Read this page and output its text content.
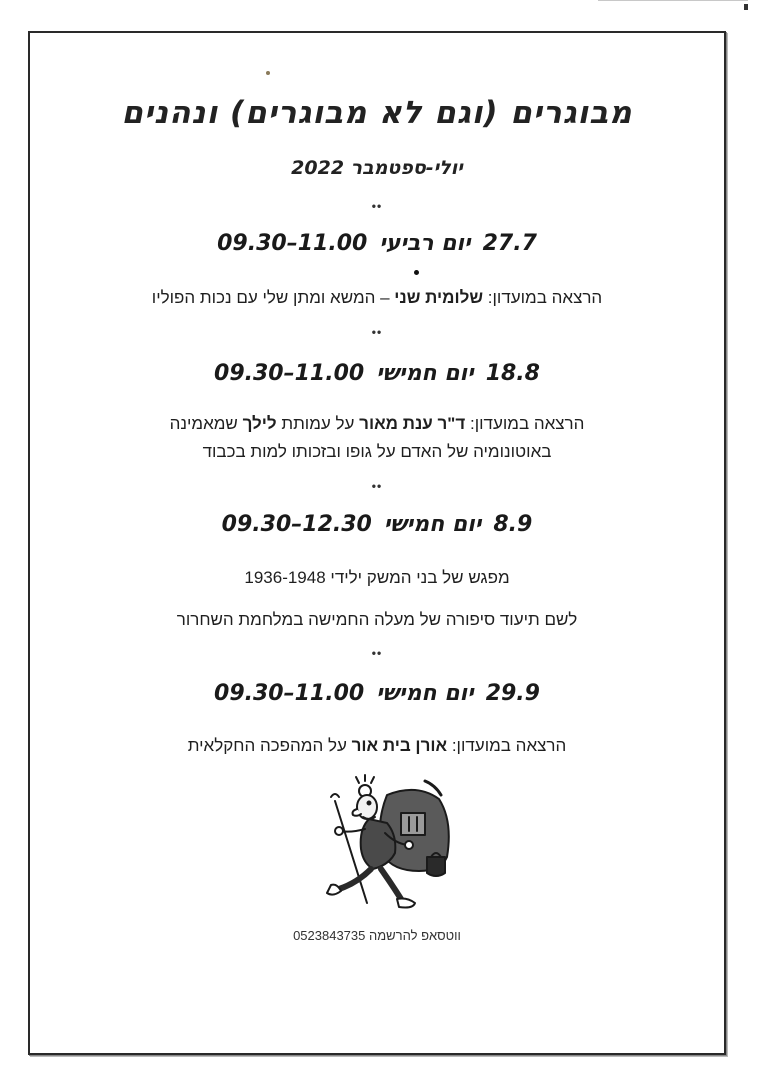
מבוגרים (וגם לא מבוגרים) ונהנים
יולי-ספטמבר 2022
••
27.7יום רביעי11.00–09.30
הרצאה במועדון: שלומית שני – המשא ומתן שלי עם נכות הפוליו
••
18.8יום חמישי11.00–09.30
הרצאה במועדון: ד"ר ענת מאור על עמותת לילך שמאמינה
באוטונומיה של האדם על גופו ובזכותו למות בכבוד
••
8.9יום חמישי12.30–09.30
מפגש של בני המשק ילידי 1936-1948
לשם תיעוד סיפורה של מעלה החמישה במלחמת השחרור
••
29.9יום חמישי11.00–09.30
הרצאה במועדון: אורן בית אור על המהפכה החקלאית
ווטסאפ להרשמה 0523843735
